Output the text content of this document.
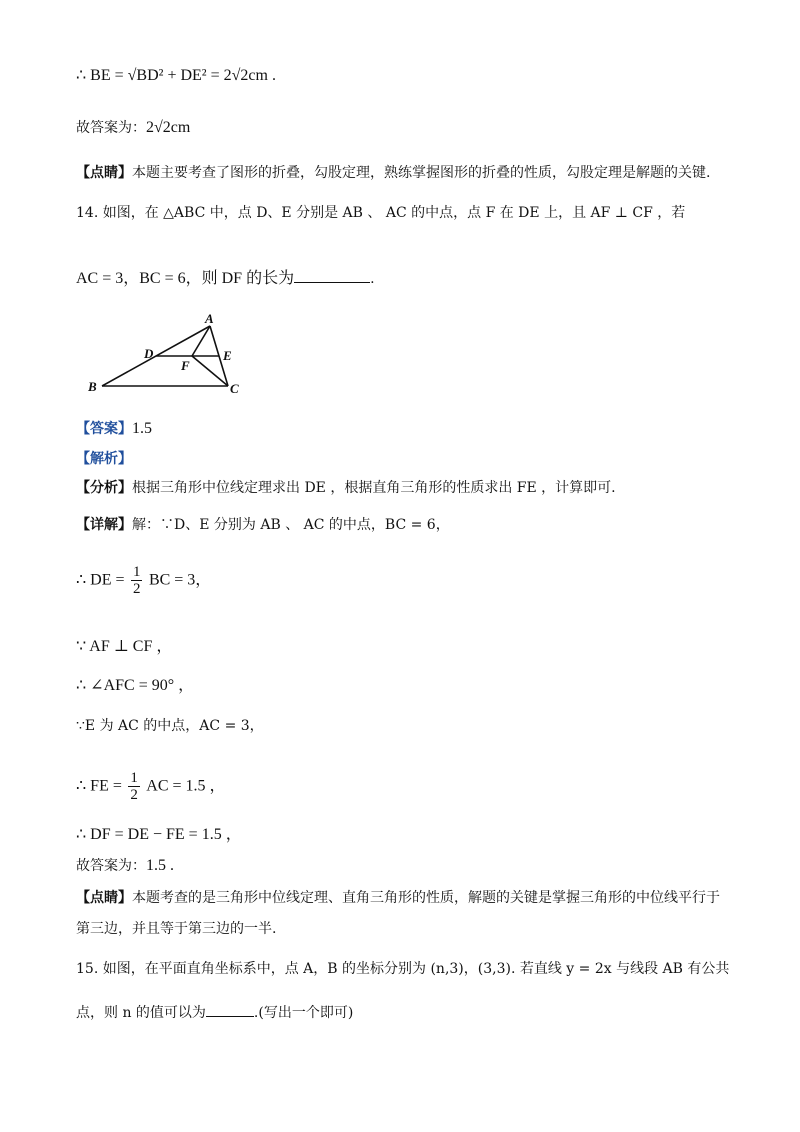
∴ BE = √BD² + DE² = 2√2cm .
故答案为：2√2cm
【点睛】本题主要考查了图形的折叠，勾股定理，熟练掌握图形的折叠的性质，勾股定理是解题的关键.
14. 如图，在 △ABC 中，点 D、E 分别是 AB 、 AC 的中点，点 F 在 DE 上，且 AF ⊥ CF ，若
AC = 3，BC = 6，则 DF 的长为	.
A
B	C
D	E
F
【答案】1.5
【解析】
【分析】根据三角形中位线定理求出 DE ，根据直角三角形的性质求出 FE ，计算即可.
【详解】解：∵D、E 分别为 AB 、 AC 的中点，BC = 6，
∴ DE = $\frac{1}{2}$ BC = 3，
∵ AF ⊥ CF ，
∴ ∠AFC = 90° ，
∵E 为 AC 的中点，AC = 3，
∴ FE = $\frac{1}{2}$ AC = 1.5 ，
∴ DF = DE − FE = 1.5 ，
故答案为：1.5 .
【点睛】本题考查的是三角形中位线定理、直角三角形的性质，解题的关键是掌握三角形的中位线平行于
第三边，并且等于第三边的一半.
15. 如图，在平面直角坐标系中，点 A，B 的坐标分别为 (n,3)，(3,3). 若直线 y = 2x 与线段 AB 有公共
点，则 n 的值可以为	.(写出一个即可)
